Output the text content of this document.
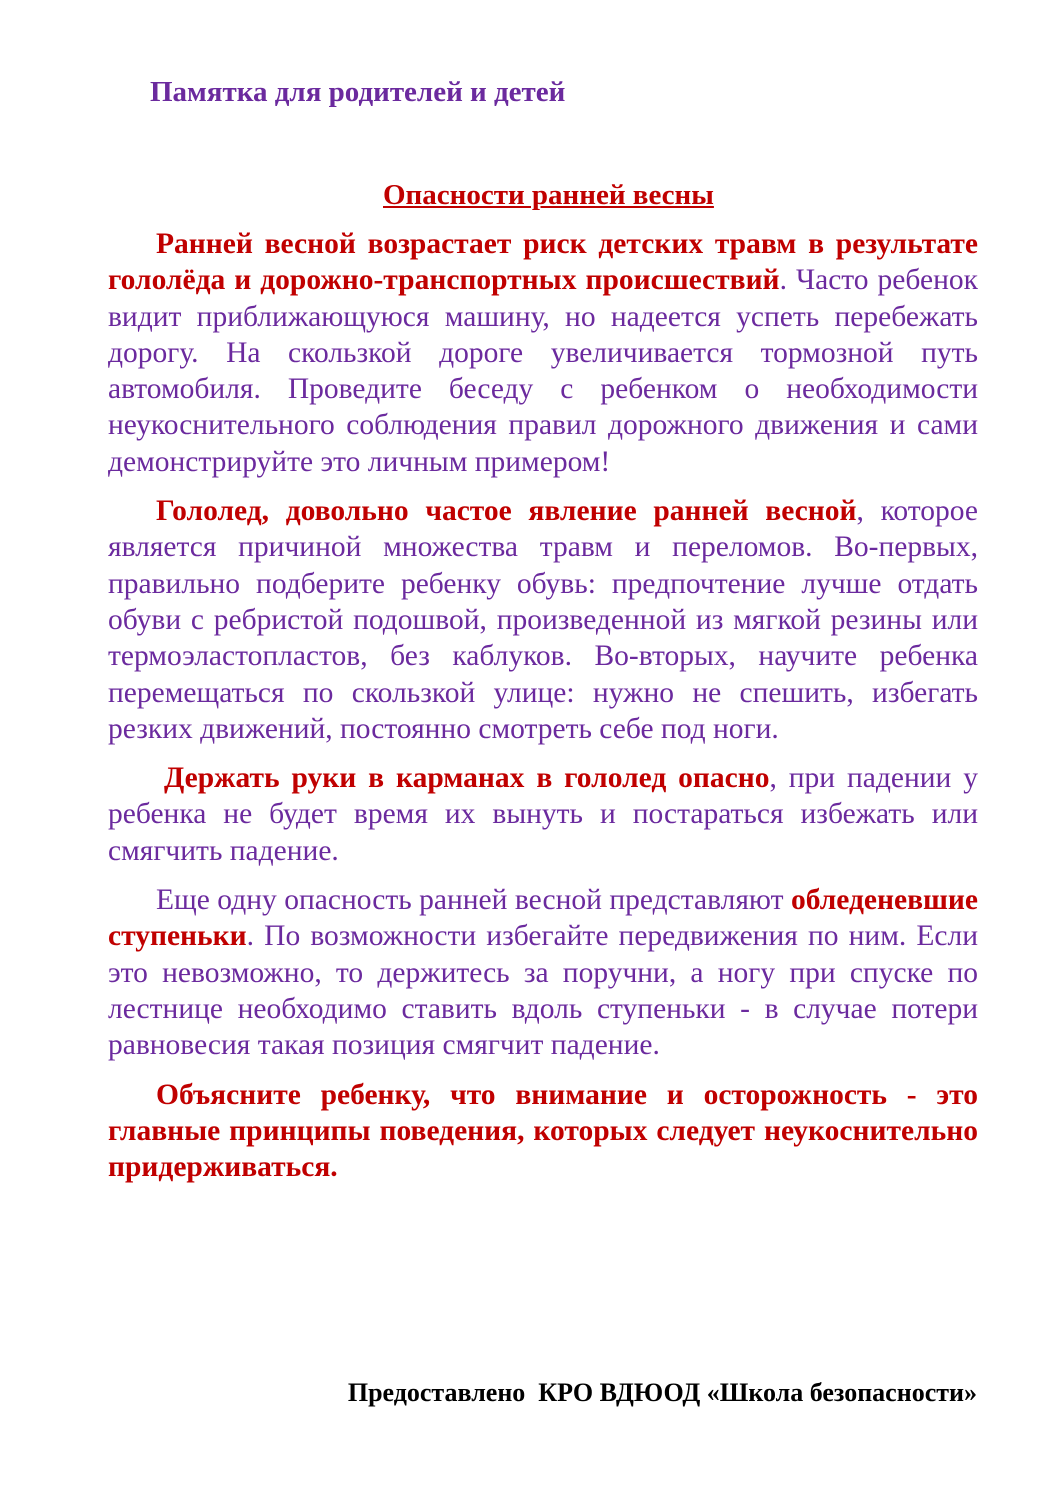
Памятка для родителей и детей
Опасности ранней весны

Ранней весной возрастает риск детских травм в результате гололёда и дорожно-транспортных происшествий. Часто ребенок видит приближающуюся машину, но надеется успеть перебежать дорогу. На скользкой дороге увеличивается тормозной путь автомобиля. Проведите беседу с ребенком о необходимости неукоснительного соблюдения правил дорожного движения и сами демонстрируйте это личным примером!

Гололед, довольно частое явление ранней весной, которое является причиной множества травм и переломов. Во-первых, правильно подберите ребенку обувь: предпочтение лучше отдать обуви с ребристой подошвой, произведенной из мягкой резины или термоэластопластов, без каблуков. Во-вторых, научите ребенка перемещаться по скользкой улице: нужно не спешить, избегать резких движений, постоянно смотреть себе под ноги.

Держать руки в карманах в гололед опасно, при падении у ребенка не будет время их вынуть и постараться избежать или смягчить падение.

Еще одну опасность ранней весной представляют обледеневшие ступеньки. По возможности избегайте передвижения по ним. Если это невозможно, то держитесь за поручни, а ногу при спуске по лестнице необходимо ставить вдоль ступеньки - в случае потери равновесия такая позиция смягчит падение.

Объясните ребенку, что внимание и осторожность - это главные принципы поведения, которых следует неукоснительно придерживаться.

Предоставлено  КРО ВДЮОД «Школа безопасности»
